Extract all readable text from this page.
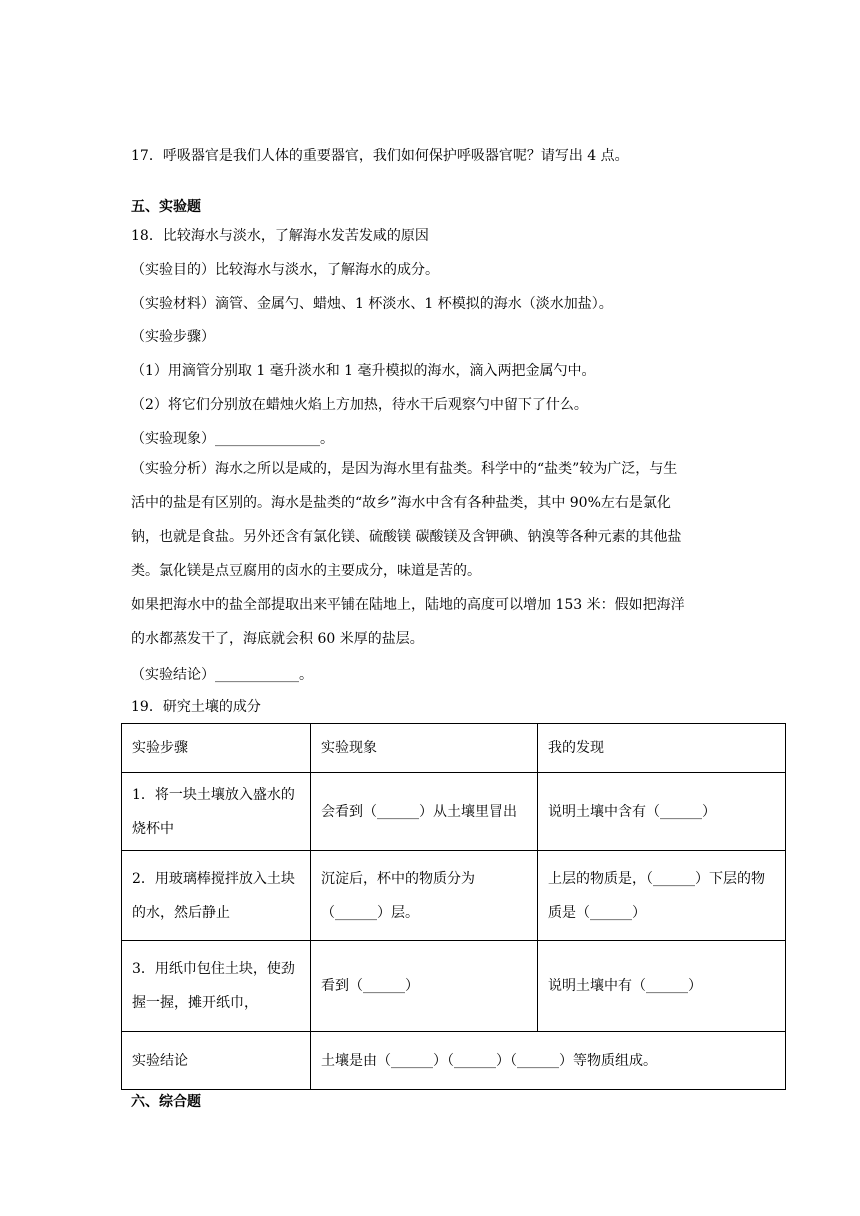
17．呼吸器官是我们人体的重要器官，我们如何保护呼吸器官呢？请写出 4 点。
五、实验题
18．比较海水与淡水，了解海水发苦发咸的原因
（实验目的）比较海水与淡水，了解海水的成分。
（实验材料）滴管、金属勺、蜡烛、1 杯淡水、1 杯模拟的海水（淡水加盐）。
（实验步骤）
（1）用滴管分别取 1 毫升淡水和 1 毫升模拟的海水，滴入两把金属勺中。
（2）将它们分别放在蜡烛火焰上方加热，待水干后观察勺中留下了什么。
（实验现象）_______________。
（实验分析）海水之所以是咸的，是因为海水里有盐类。科学中的“盐类”较为广泛，与生
活中的盐是有区别的。海水是盐类的“故乡”海水中含有各种盐类，其中 90%左右是氯化
钠，也就是食盐。另外还含有氯化镁、硫酸镁 碳酸镁及含钾碘、钠溴等各种元素的其他盐
类。氯化镁是点豆腐用的卤水的主要成分，味道是苦的。
如果把海水中的盐全部提取出来平铺在陆地上，陆地的高度可以增加 153 米：假如把海洋
的水都蒸发干了，海底就会积 60 米厚的盐层。
（实验结论）____________。
19．研究土壤的成分
实验步骤	实验现象	我的发现
1．将一块土壤放入盛水的烧杯中	会看到（______）从土壤里冒出	说明土壤中含有（______）
2．用玻璃棒搅拌放入土块的水，然后静止	沉淀后，杯中的物质分为（______）层。	上层的物质是，（______）下层的物质是（______）
3．用纸巾包住土块，使劲握一握，摊开纸巾，	看到（______）	说明土壤中有（______）
实验结论	土壤是由（______）（______）（______）等物质组成。	
六、综合题
